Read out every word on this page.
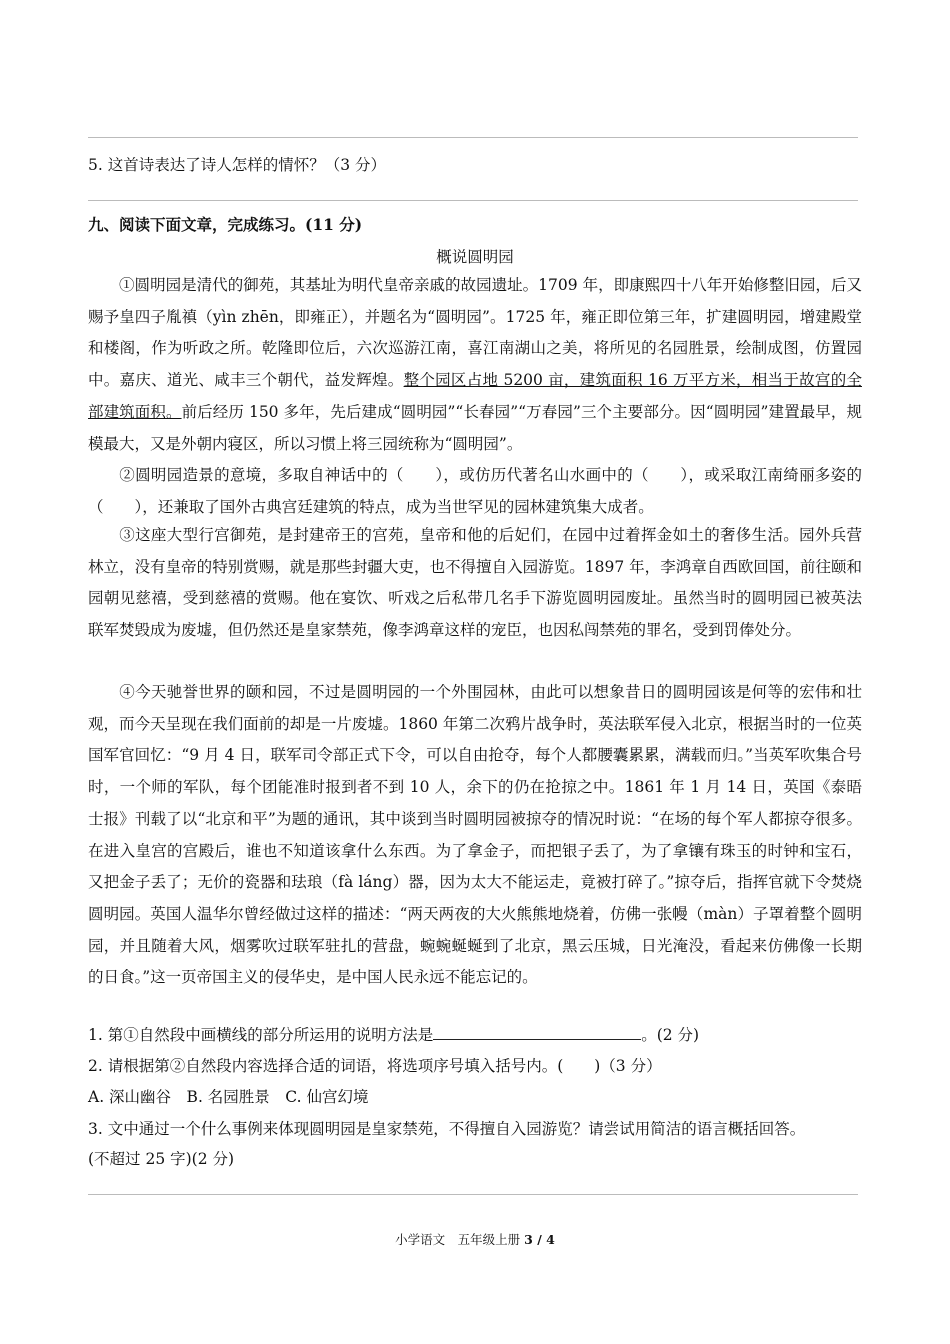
5. 这首诗表达了诗人怎样的情怀？（3 分）
九、阅读下面文章，完成练习。(11 分)
概说圆明园

①圆明园是清代的御苑，其基址为明代皇帝亲戚的故园遗址。1709 年，即康熙四十八年开始修整旧园，后又赐予皇四子胤禛（yìn zhēn，即雍正），并题名为“圆明园”。1725 年，雍正即位第三年，扩建圆明园，增建殿堂和楼阁，作为听政之所。乾隆即位后，六次巡游江南，喜江南湖山之美，将所见的名园胜景，绘制成图，仿置园中。嘉庆、道光、咸丰三个朝代，益发辉煌。整个园区占地 5200 亩，建筑面积 16 万平方米，相当于故宫的全部建筑面积。前后经历 150 多年，先后建成“圆明园”“长春园”“万春园”三个主要部分。因“圆明园”建置最早，规模最大，又是外朝内寝区，所以习惯上将三园统称为“圆明园”。

②圆明园造景的意境，多取自神话中的（　　），或仿历代著名山水画中的（　　），或采取江南绮丽多姿的（　　），还兼取了国外古典宫廷建筑的特点，成为当世罕见的园林建筑集大成者。

③这座大型行宫御苑，是封建帝王的宫苑，皇帝和他的后妃们，在园中过着挥金如土的奢侈生活。园外兵营林立，没有皇帝的特别赏赐，就是那些封疆大吏，也不得擅自入园游览。1897 年，李鸿章自西欧回国，前往颐和园朝见慈禧，受到慈禧的赏赐。他在宴饮、听戏之后私带几名手下游览圆明园废址。虽然当时的圆明园已被英法联军焚毁成为废墟，但仍然还是皇家禁苑，像李鸿章这样的宠臣，也因私闯禁苑的罪名，受到罚俸处分。

④今天驰誉世界的颐和园，不过是圆明园的一个外围园林，由此可以想象昔日的圆明园该是何等的宏伟和壮观，而今天呈现在我们面前的却是一片废墟。1860 年第二次鸦片战争时，英法联军侵入北京，根据当时的一位英国军官回忆：“9 月 4 日，联军司令部正式下令，可以自由抢夺，每个人都腰囊累累，满载而归。”当英军吹集合号时，一个师的军队，每个团能准时报到者不到 10 人，余下的仍在抢掠之中。1861 年 1 月 14 日，英国《泰晤士报》刊载了以“北京和平”为题的通讯，其中谈到当时圆明园被掠夺的情况时说：“在场的每个军人都掠夺很多。在进入皇宫的宫殿后，谁也不知道该拿什么东西。为了拿金子，而把银子丢了，为了拿镶有珠玉的时钟和宝石，又把金子丢了；无价的瓷器和珐琅（fà láng）器，因为太大不能运走，竟被打碎了。”掠夺后，指挥官就下令焚烧圆明园。英国人温华尔曾经做过这样的描述：“两天两夜的大火熊熊地烧着，仿佛一张幔（màn）子罩着整个圆明园，并且随着大风，烟雾吹过联军驻扎的营盘，蜿蜿蜒蜒到了北京，黑云压城，日光淹没，看起来仿佛像一长期的日食。”这一页帝国主义的侵华史，是中国人民永远不能忘记的。

1. 第①自然段中画横线的部分所运用的说明方法是	。(2 分)
2. 请根据第②自然段内容选择合适的词语，将选项序号填入括号内。(　　)（3 分）
A. 深山幽谷　B. 名园胜景　C. 仙宫幻境
3. 文中通过一个什么事例来体现圆明园是皇家禁苑，不得擅自入园游览？请尝试用简洁的语言概括回答。
(不超过 25 字)(2 分)
小学语文　五年级上册 3 / 4
